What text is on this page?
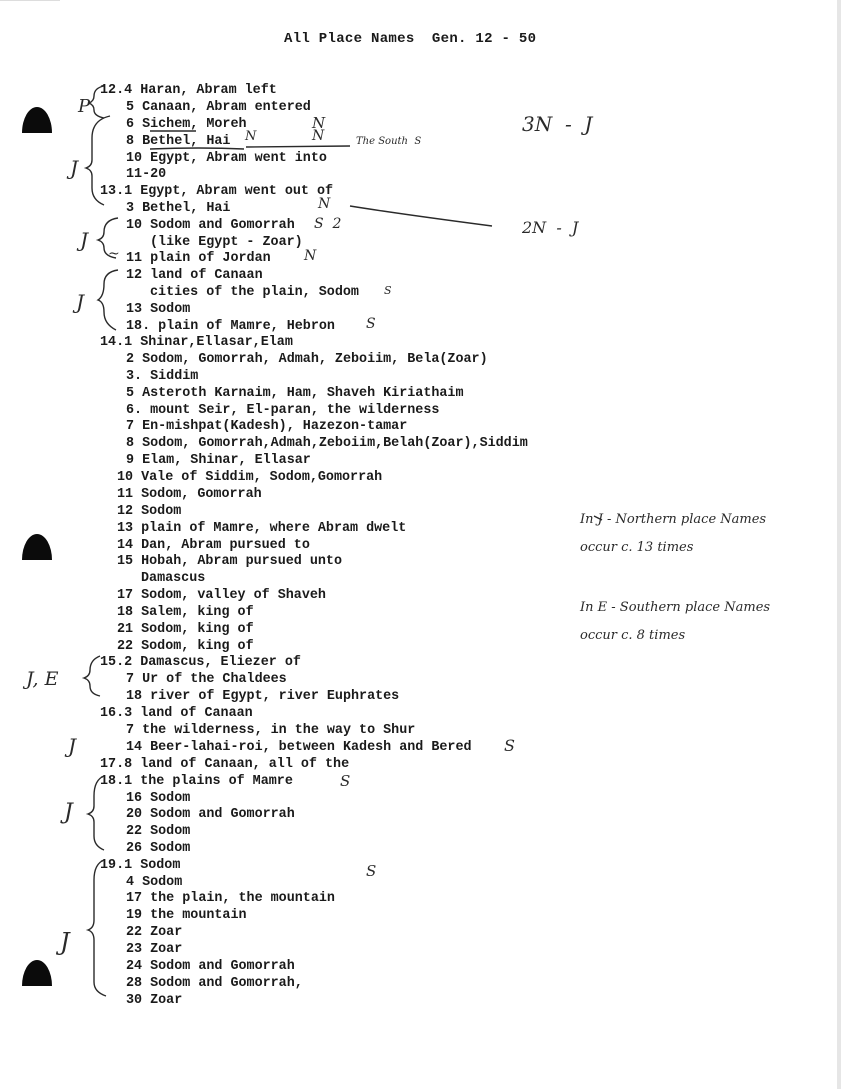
All Place Names  Gen. 12 - 50
12.4 Haran, Abram left
5 Canaan, Abram entered
6 Sichem, Moreh
8 Bethel, Hai
10 Egypt, Abram went into
11-20
13.1 Egypt, Abram went out of
3 Bethel, Hai
10 Sodom and Gomorrah
(like Egypt - Zoar)
11 plain of Jordan
12 land of Canaan
cities of the plain, Sodom
13 Sodom
18. plain of Mamre, Hebron
14.1 Shinar,Ellasar,Elam
2 Sodom, Gomorrah, Admah, Zeboiim, Bela(Zoar)
3. Siddim
5 Asteroth Karnaim, Ham, Shaveh Kiriathaim
6. mount Seir, El-paran, the wilderness
7 En-mishpat(Kadesh), Hazezon-tamar
8 Sodom, Gomorrah,Admah,Zeboiim,Belah(Zoar),Siddim
9 Elam, Shinar, Ellasar
10 Vale of Siddim, Sodom,Gomorrah
11 Sodom, Gomorrah
12 Sodom
13 plain of Mamre, where Abram dwelt
14 Dan, Abram pursued to
15 Hobah, Abram pursued unto
Damascus
17 Sodom, valley of Shaveh
18 Salem, king of
21 Sodom, king of
22 Sodom, king of
15.2 Damascus, Eliezer of
7 Ur of the Chaldees
18 river of Egypt, river Euphrates
16.3 land of Canaan
7 the wilderness, in the way to Shur
14 Beer-lahai-roi, between Kadesh and Bered
17.8 land of Canaan, all of the
18.1 the plains of Mamre
16 Sodom
20 Sodom and Gomorrah
22 Sodom
26 Sodom
19.1 Sodom
4 Sodom
17 the plain, the mountain
19 the mountain
22 Zoar
23 Zoar
24 Sodom and Gomorrah
28 Sodom and Gomorrah,
30 Zoar
P
N
N
N	The South  S
3N  -  J
J
N
J
S  2	2N  -  J
~	N
J	S
S
In J - Northern place Names
occur c. 13 times
In E - Southern place Names
occur c. 8 times
J, E
J	S
S
J
S
J
